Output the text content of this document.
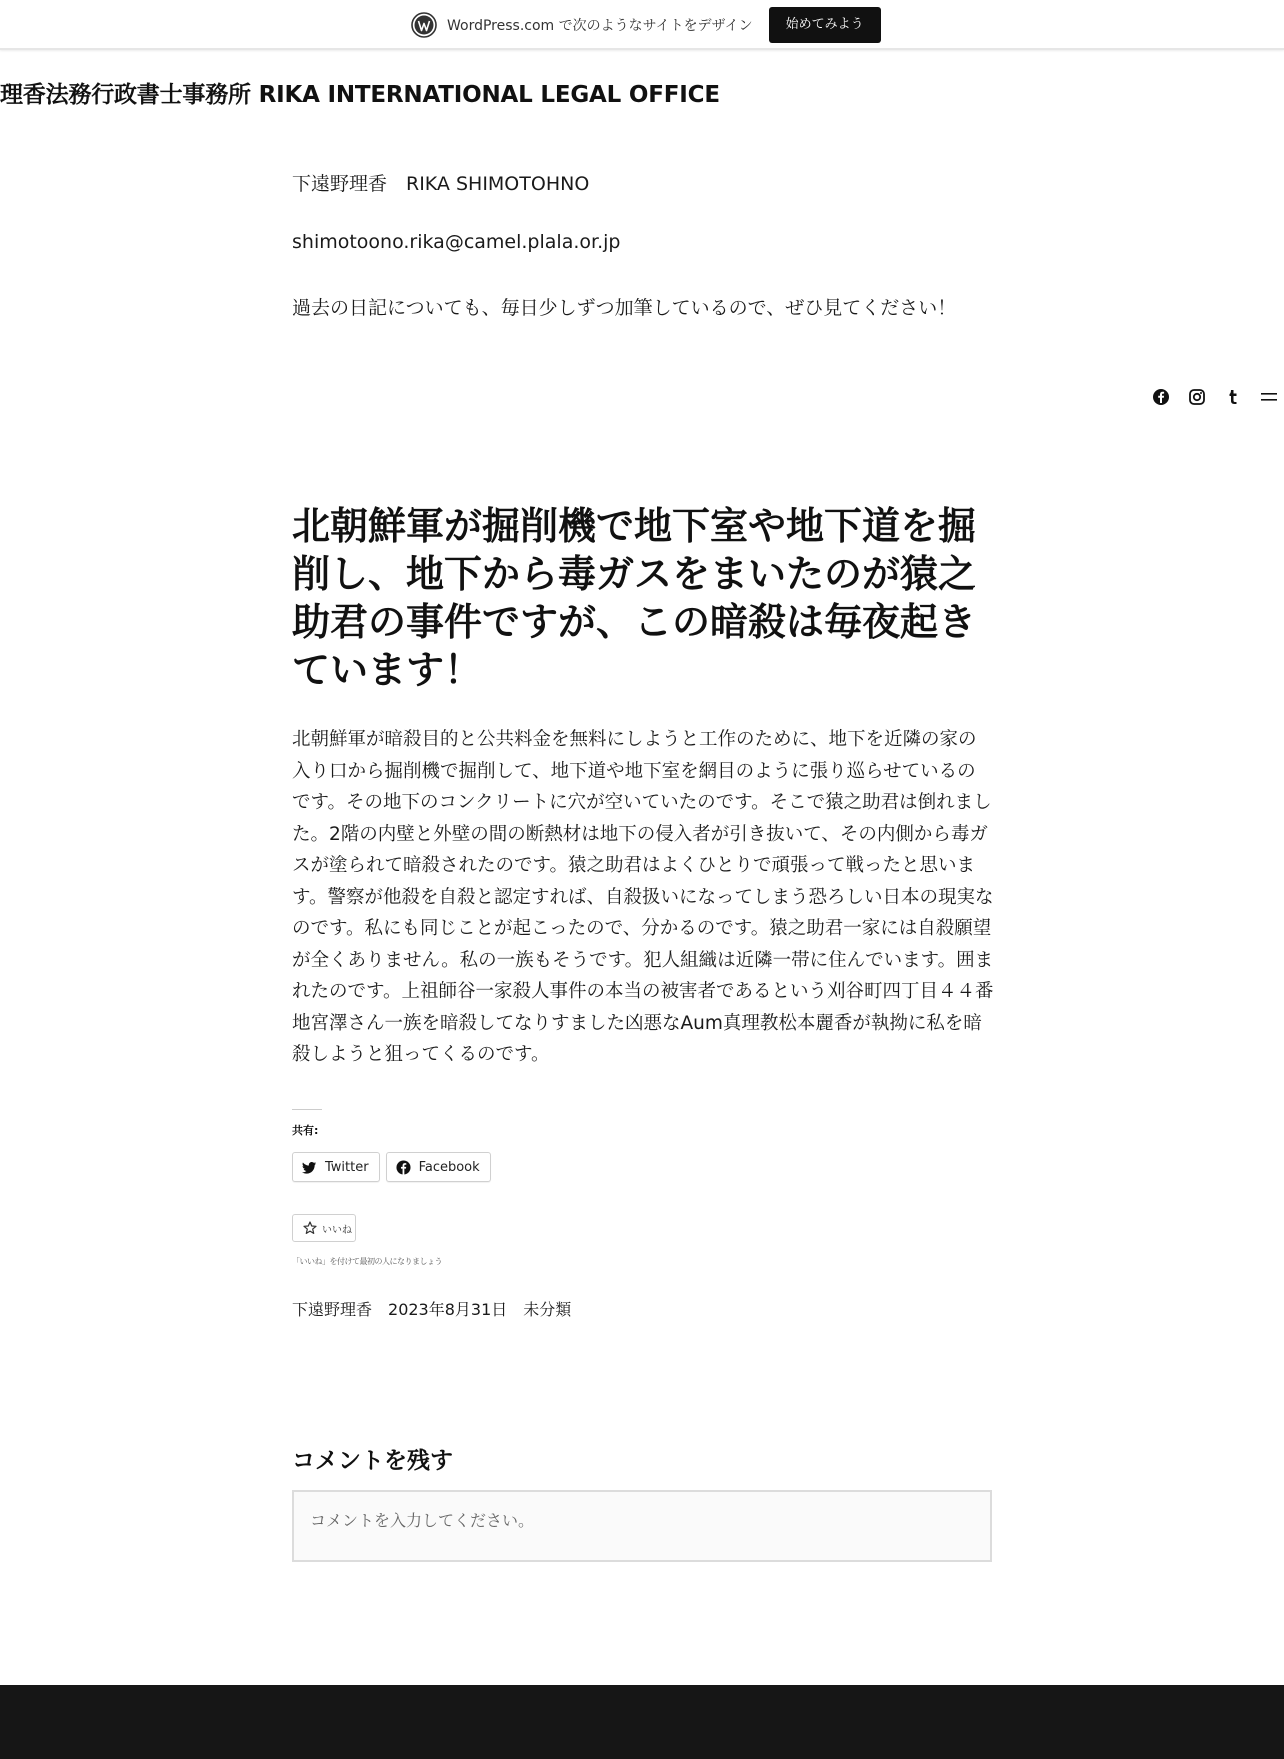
WordPress.com で次のようなサイトをデザイン	始めてみよう
理香法務行政書士事務所 RIKA INTERNATIONAL LEGAL OFFICE
下遠野理香　RIKA SHIMOTOHNO
shimotoono.rika@camel.plala.or.jp
過去の日記についても、毎日少しずつ加筆しているので、ぜひ見てください！
北朝鮮軍が掘削機で地下室や地下道を掘削し、地下から毒ガスをまいたのが猿之助君の事件ですが、この暗殺は毎夜起きています！

北朝鮮軍が暗殺目的と公共料金を無料にしようと工作のために、地下を近隣の家の入り口から掘削機で掘削して、地下道や地下室を網目のように張り巡らせているのです。その地下のコンクリートに穴が空いていたのです。そこで猿之助君は倒れました。2階の内壁と外壁の間の断熱材は地下の侵入者が引き抜いて、その内側から毒ガスが塗られて暗殺されたのです。猿之助君はよくひとりで頑張って戦ったと思います。警察が他殺を自殺と認定すれば、自殺扱いになってしまう恐ろしい日本の現実なのです。私にも同じことが起こったので、分かるのです。猿之助君一家には自殺願望が全くありません。私の一族もそうです。犯人組織は近隣一帯に住んでいます。囲まれたのです。上祖師谷一家殺人事件の本当の被害者であるという刈谷町四丁目４４番地宮澤さん一族を暗殺してなりすました凶悪なAum真理教松本麗香が執拗に私を暗殺しようと狙ってくるのです。

共有:
Twitter	Facebook
いいね
「いいね」を付けて最初の人になりましょう
下遠野理香 2023年8月31日 未分類
コメントを残す
コメントを入力してください。
